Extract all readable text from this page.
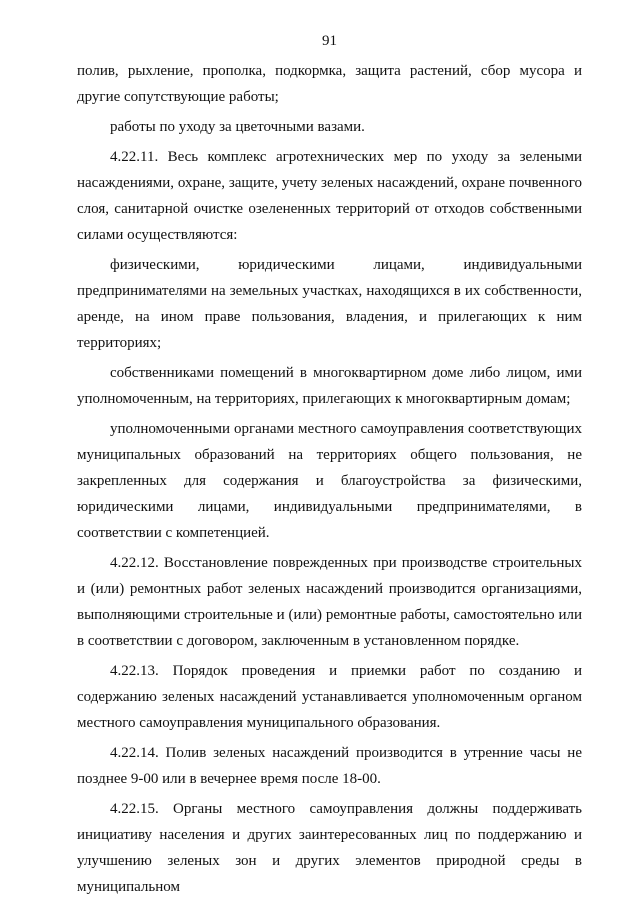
91

полив, рыхление, прополка, подкормка, защита растений, сбор мусора и другие сопутствующие работы;

работы по уходу за цветочными вазами.

4.22.11. Весь комплекс агротехнических мер по уходу за зелеными насаждениями, охране, защите, учету зеленых насаждений, охране почвенного слоя, санитарной очистке озелененных территорий от отходов собственными силами осуществляются:

физическими, юридическими лицами, индивидуальными предпринимателями на земельных участках, находящихся в их собственности, аренде, на ином праве пользования, владения, и прилегающих к ним территориях;

собственниками помещений в многоквартирном доме либо лицом, ими уполномоченным, на территориях, прилегающих к многоквартирным домам;

уполномоченными органами местного самоуправления соответствующих муниципальных образований на территориях общего пользования, не закрепленных для содержания и благоустройства за физическими, юридическими лицами, индивидуальными предпринимателями, в соответствии с компетенцией.

4.22.12. Восстановление поврежденных при производстве строительных и (или) ремонтных работ зеленых насаждений производится организациями, выполняющими строительные и (или) ремонтные работы, самостоятельно или в соответствии с договором, заключенным в установленном порядке.

4.22.13. Порядок проведения и приемки работ по созданию и содержанию зеленых насаждений устанавливается уполномоченным органом местного самоуправления муниципального образования.

4.22.14. Полив зеленых насаждений производится в утренние часы не позднее 9-00 или в вечернее время после 18-00.

4.22.15. Органы местного самоуправления должны поддерживать инициативу населения и других заинтересованных лиц по поддержанию и улучшению зеленых зон и других элементов природной среды в муниципальном
